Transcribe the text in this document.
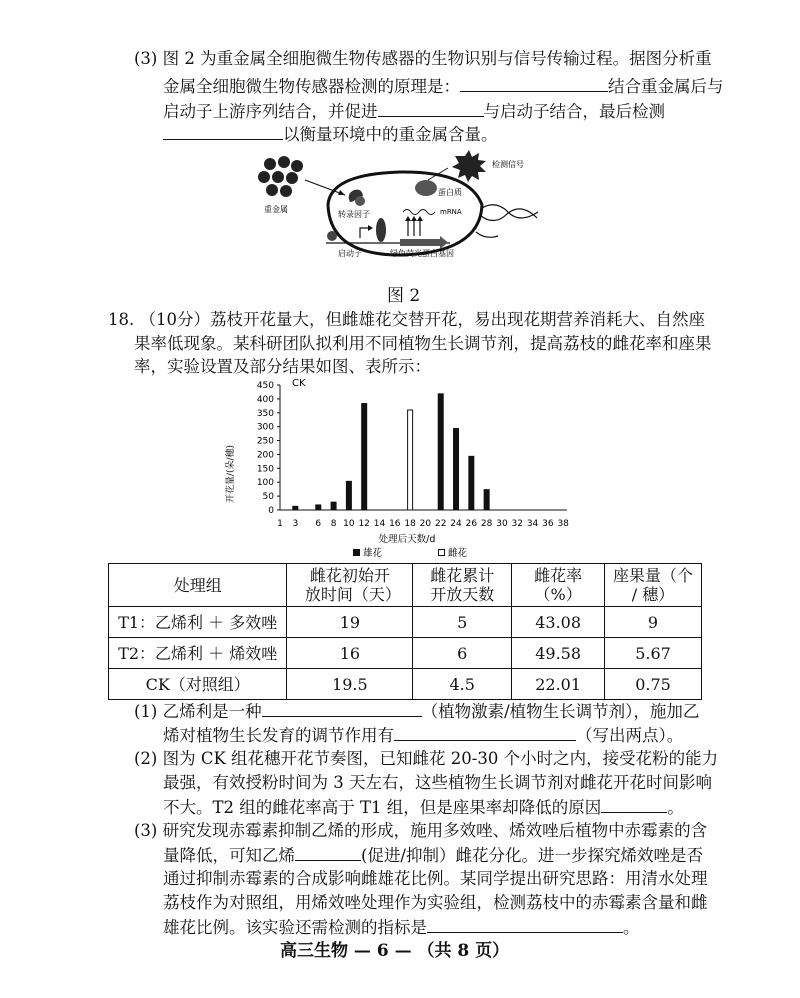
(3) 图 2 为重金属全细胞微生物传感器的生物识别与信号传输过程。据图分析重
金属全细胞微生物传感器检测的原理是：	结合重金属后与
启动子上游序列结合，并促进	与启动子结合，最后检测
以衡量环境中的重金属含量。
重金属
转录因子
启动子	绿色荧光蛋白基因
mRNA
蛋白质
检测信号
图 2
18. （10分）荔枝开花量大，但雌雄花交替开花，易出现花期营养消耗大、自然座
果率低现象。某科研团队拟利用不同植物生长调节剂，提高荔枝的雌花率和座果
率，实验设置及部分结果如图、表所示：
0
50
100
150
200
250
300
350
400
450
1 3 6 8 10 12 14 16 18 20 22 24 26 28 30 32 34 36 38
CK
开花量/(朵/穗)
处理后天数/d
雄花	雌花
处理组	雌花初始开放时间（天）	雌花累计开放天数	雌花率（%）	座果量（个 / 穗）

T1：乙烯利 ＋ 多效唑	19	5	43.08	9
T2：乙烯利 ＋ 烯效唑	16	6	49.58	5.67
CK（对照组）	19.5	4.5	22.01	0.75
(1) 乙烯利是一种	（植物激素/植物生长调节剂），施加乙
烯对植物生长发育的调节作用有	（写出两点）。
(2) 图为 CK 组花穗开花节奏图，已知雌花 20-30 个小时之内，接受花粉的能力
最强，有效授粉时间为 3 天左右，这些植物生长调节剂对雌花开花时间影响
不大。T2 组的雌花率高于 T1 组，但是座果率却降低的原因	。
(3) 研究发现赤霉素抑制乙烯的形成，施用多效唑、烯效唑后植物中赤霉素的含
量降低，可知乙烯	(促进/抑制）雌花分化。进一步探究烯效唑是否
通过抑制赤霉素的合成影响雌雄花比例。某同学提出研究思路：用清水处理
荔枝作为对照组，用烯效唑处理作为实验组，检测荔枝中的赤霉素含量和雌
雄花比例。该实验还需检测的指标是	。
高三生物 — 6 — （共 8 页）
